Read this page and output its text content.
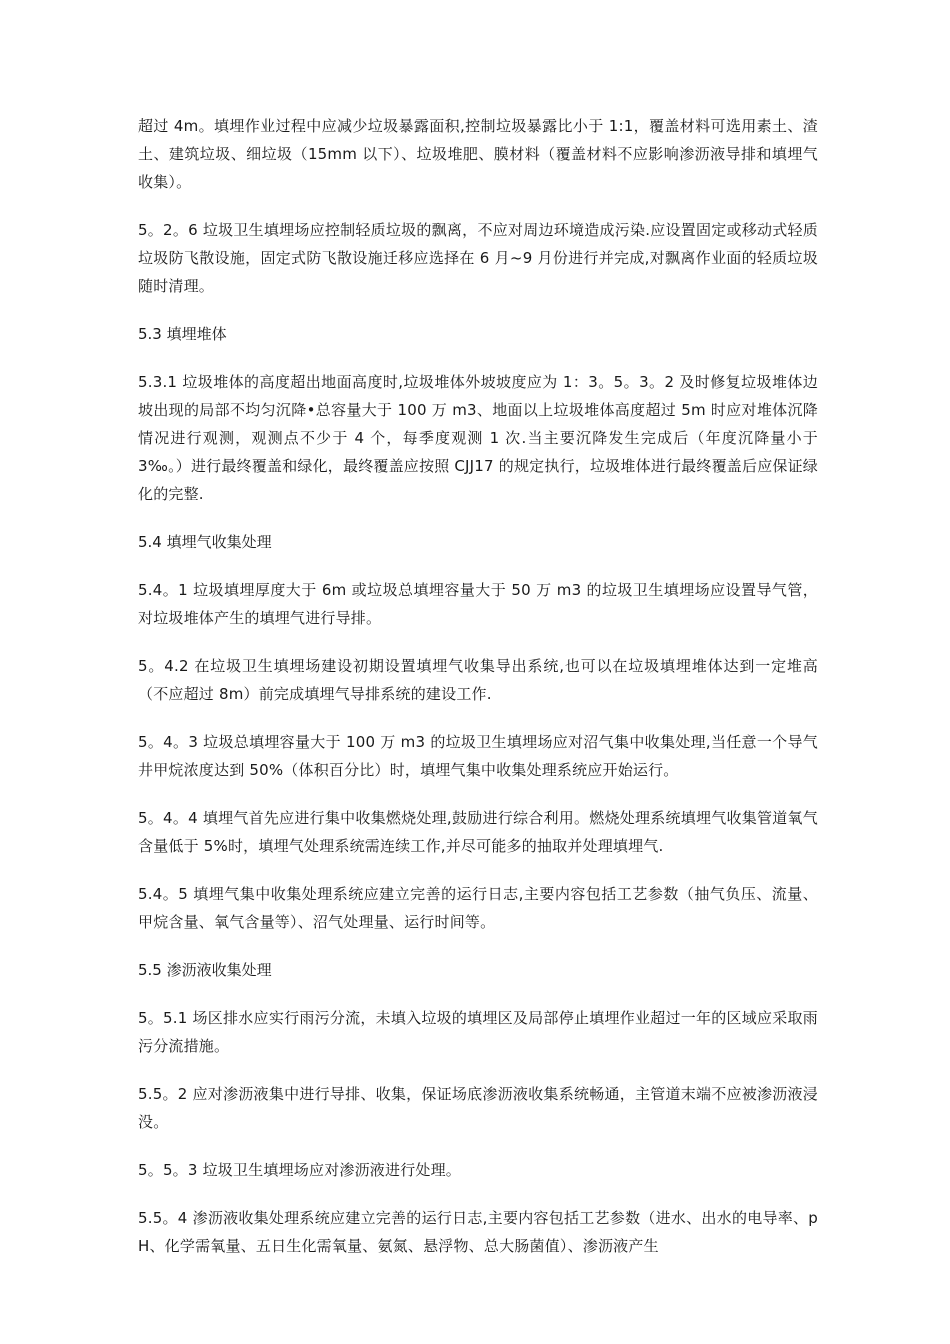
超过 4m。填埋作业过程中应减少垃圾暴露面积,控制垃圾暴露比小于 1:1，覆盖材料可选用素土、渣土、建筑垃圾、细垃圾（15mm 以下）、垃圾堆肥、膜材料（覆盖材料不应影响渗沥液导排和填埋气收集）。

5。2。6 垃圾卫生填埋场应控制轻质垃圾的飘离，不应对周边环境造成污染.应设置固定或移动式轻质垃圾防飞散设施，固定式防飞散设施迁移应选择在 6 月~9 月份进行并完成,对飘离作业面的轻质垃圾随时清理。

5.3 填埋堆体

5.3.1 垃圾堆体的高度超出地面高度时,垃圾堆体外坡坡度应为 1：3。5。3。2 及时修复垃圾堆体边坡出现的局部不均匀沉降•总容量大于 100 万 m3、地面以上垃圾堆体高度超过 5m 时应对堆体沉降情况进行观测，观测点不少于 4 个，每季度观测 1 次.当主要沉降发生完成后（年度沉降量小于 3‰。）进行最终覆盖和绿化，最终覆盖应按照 CJJ17 的规定执行，垃圾堆体进行最终覆盖后应保证绿化的完整.

5.4 填埋气收集处理

5.4。1 垃圾填埋厚度大于 6m 或垃圾总填埋容量大于 50 万 m3 的垃圾卫生填埋场应设置导气管，对垃圾堆体产生的填埋气进行导排。

5。4.2 在垃圾卫生填埋场建设初期设置填埋气收集导出系统,也可以在垃圾填埋堆体达到一定堆高（不应超过 8m）前完成填埋气导排系统的建设工作.

5。4。3 垃圾总填埋容量大于 100 万 m3 的垃圾卫生填埋场应对沼气集中收集处理,当任意一个导气井甲烷浓度达到 50%（体积百分比）时，填埋气集中收集处理系统应开始运行。

5。4。4 填埋气首先应进行集中收集燃烧处理,鼓励进行综合利用。燃烧处理系统填埋气收集管道氧气含量低于 5%时，填埋气处理系统需连续工作,并尽可能多的抽取并处理填埋气.

5.4。5 填埋气集中收集处理系统应建立完善的运行日志,主要内容包括工艺参数（抽气负压、流量、甲烷含量、氧气含量等）、沼气处理量、运行时间等。

5.5 渗沥液收集处理

5。5.1 场区排水应实行雨污分流，未填入垃圾的填埋区及局部停止填埋作业超过一年的区域应采取雨污分流措施。

5.5。2 应对渗沥液集中进行导排、收集，保证场底渗沥液收集系统畅通，主管道末端不应被渗沥液浸没。

5。5。3 垃圾卫生填埋场应对渗沥液进行处理。

5.5。4 渗沥液收集处理系统应建立完善的运行日志,主要内容包括工艺参数（进水、出水的电导率、pH、化学需氧量、五日生化需氧量、氨氮、悬浮物、总大肠菌值）、渗沥液产生
